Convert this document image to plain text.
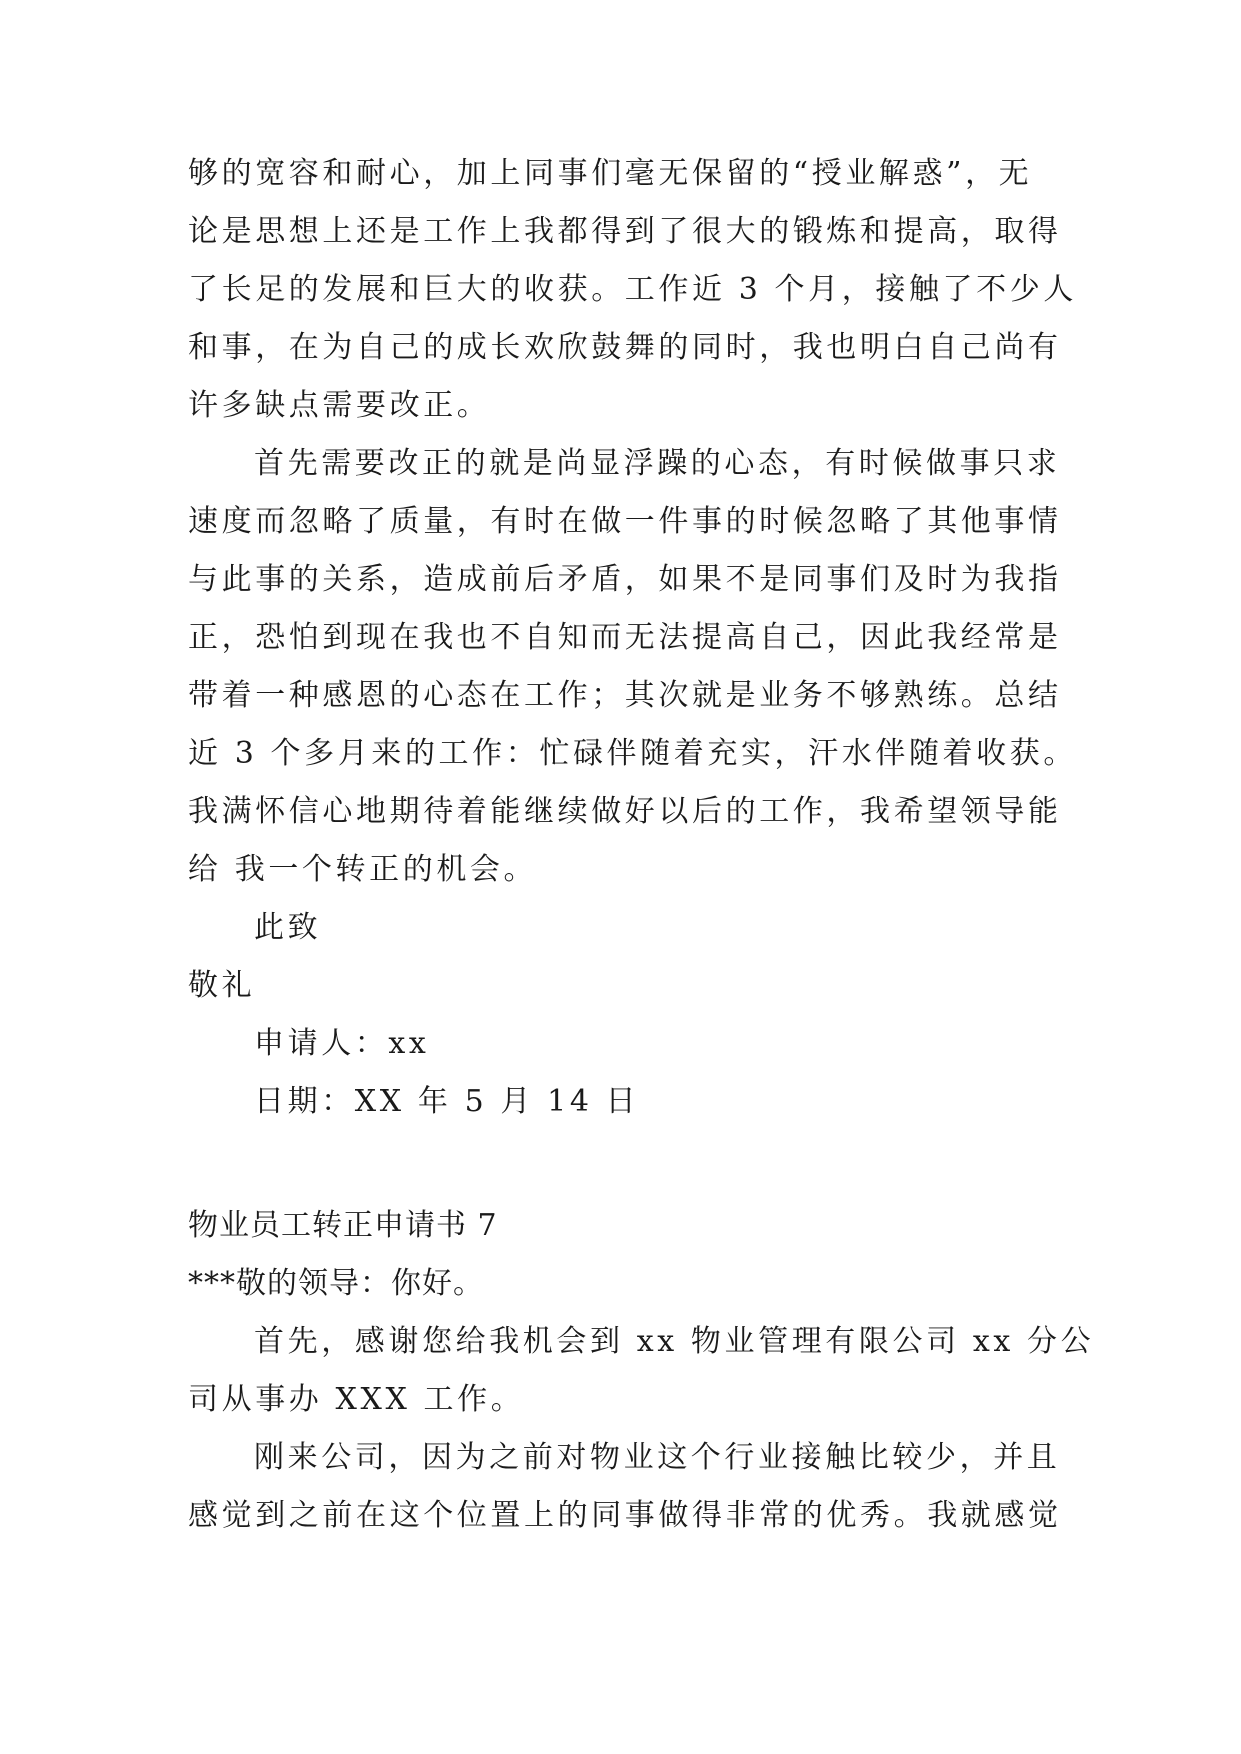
够的宽容和耐心，加上同事们毫无保留的“授业解惑”，无

论是思想上还是工作上我都得到了很大的锻炼和提高，取得

了长足的发展和巨大的收获。工作近 3 个月，接触了不少人

和事，在为自己的成长欢欣鼓舞的同时，我也明白自己尚有

许多缺点需要改正。

首先需要改正的就是尚显浮躁的心态，有时候做事只求

速度而忽略了质量，有时在做一件事的时候忽略了其他事情

与此事的关系，造成前后矛盾，如果不是同事们及时为我指

正，恐怕到现在我也不自知而无法提高自己，因此我经常是

带着一种感恩的心态在工作；其次就是业务不够熟练。总结

近 3 个多月来的工作：忙碌伴随着充实，汗水伴随着收获。

我满怀信心地期待着能继续做好以后的工作，我希望领导能

给 我一个转正的机会。

此致

敬礼

申请人：xx

日期：XX 年 5 月 14 日

物业员工转正申请书 7

***敬的领导：你好。

首先，感谢您给我机会到 xx 物业管理有限公司 xx 分公

司从事办 XXX 工作。

刚来公司，因为之前对物业这个行业接触比较少，并且

感觉到之前在这个位置上的同事做得非常的优秀。我就感觉
